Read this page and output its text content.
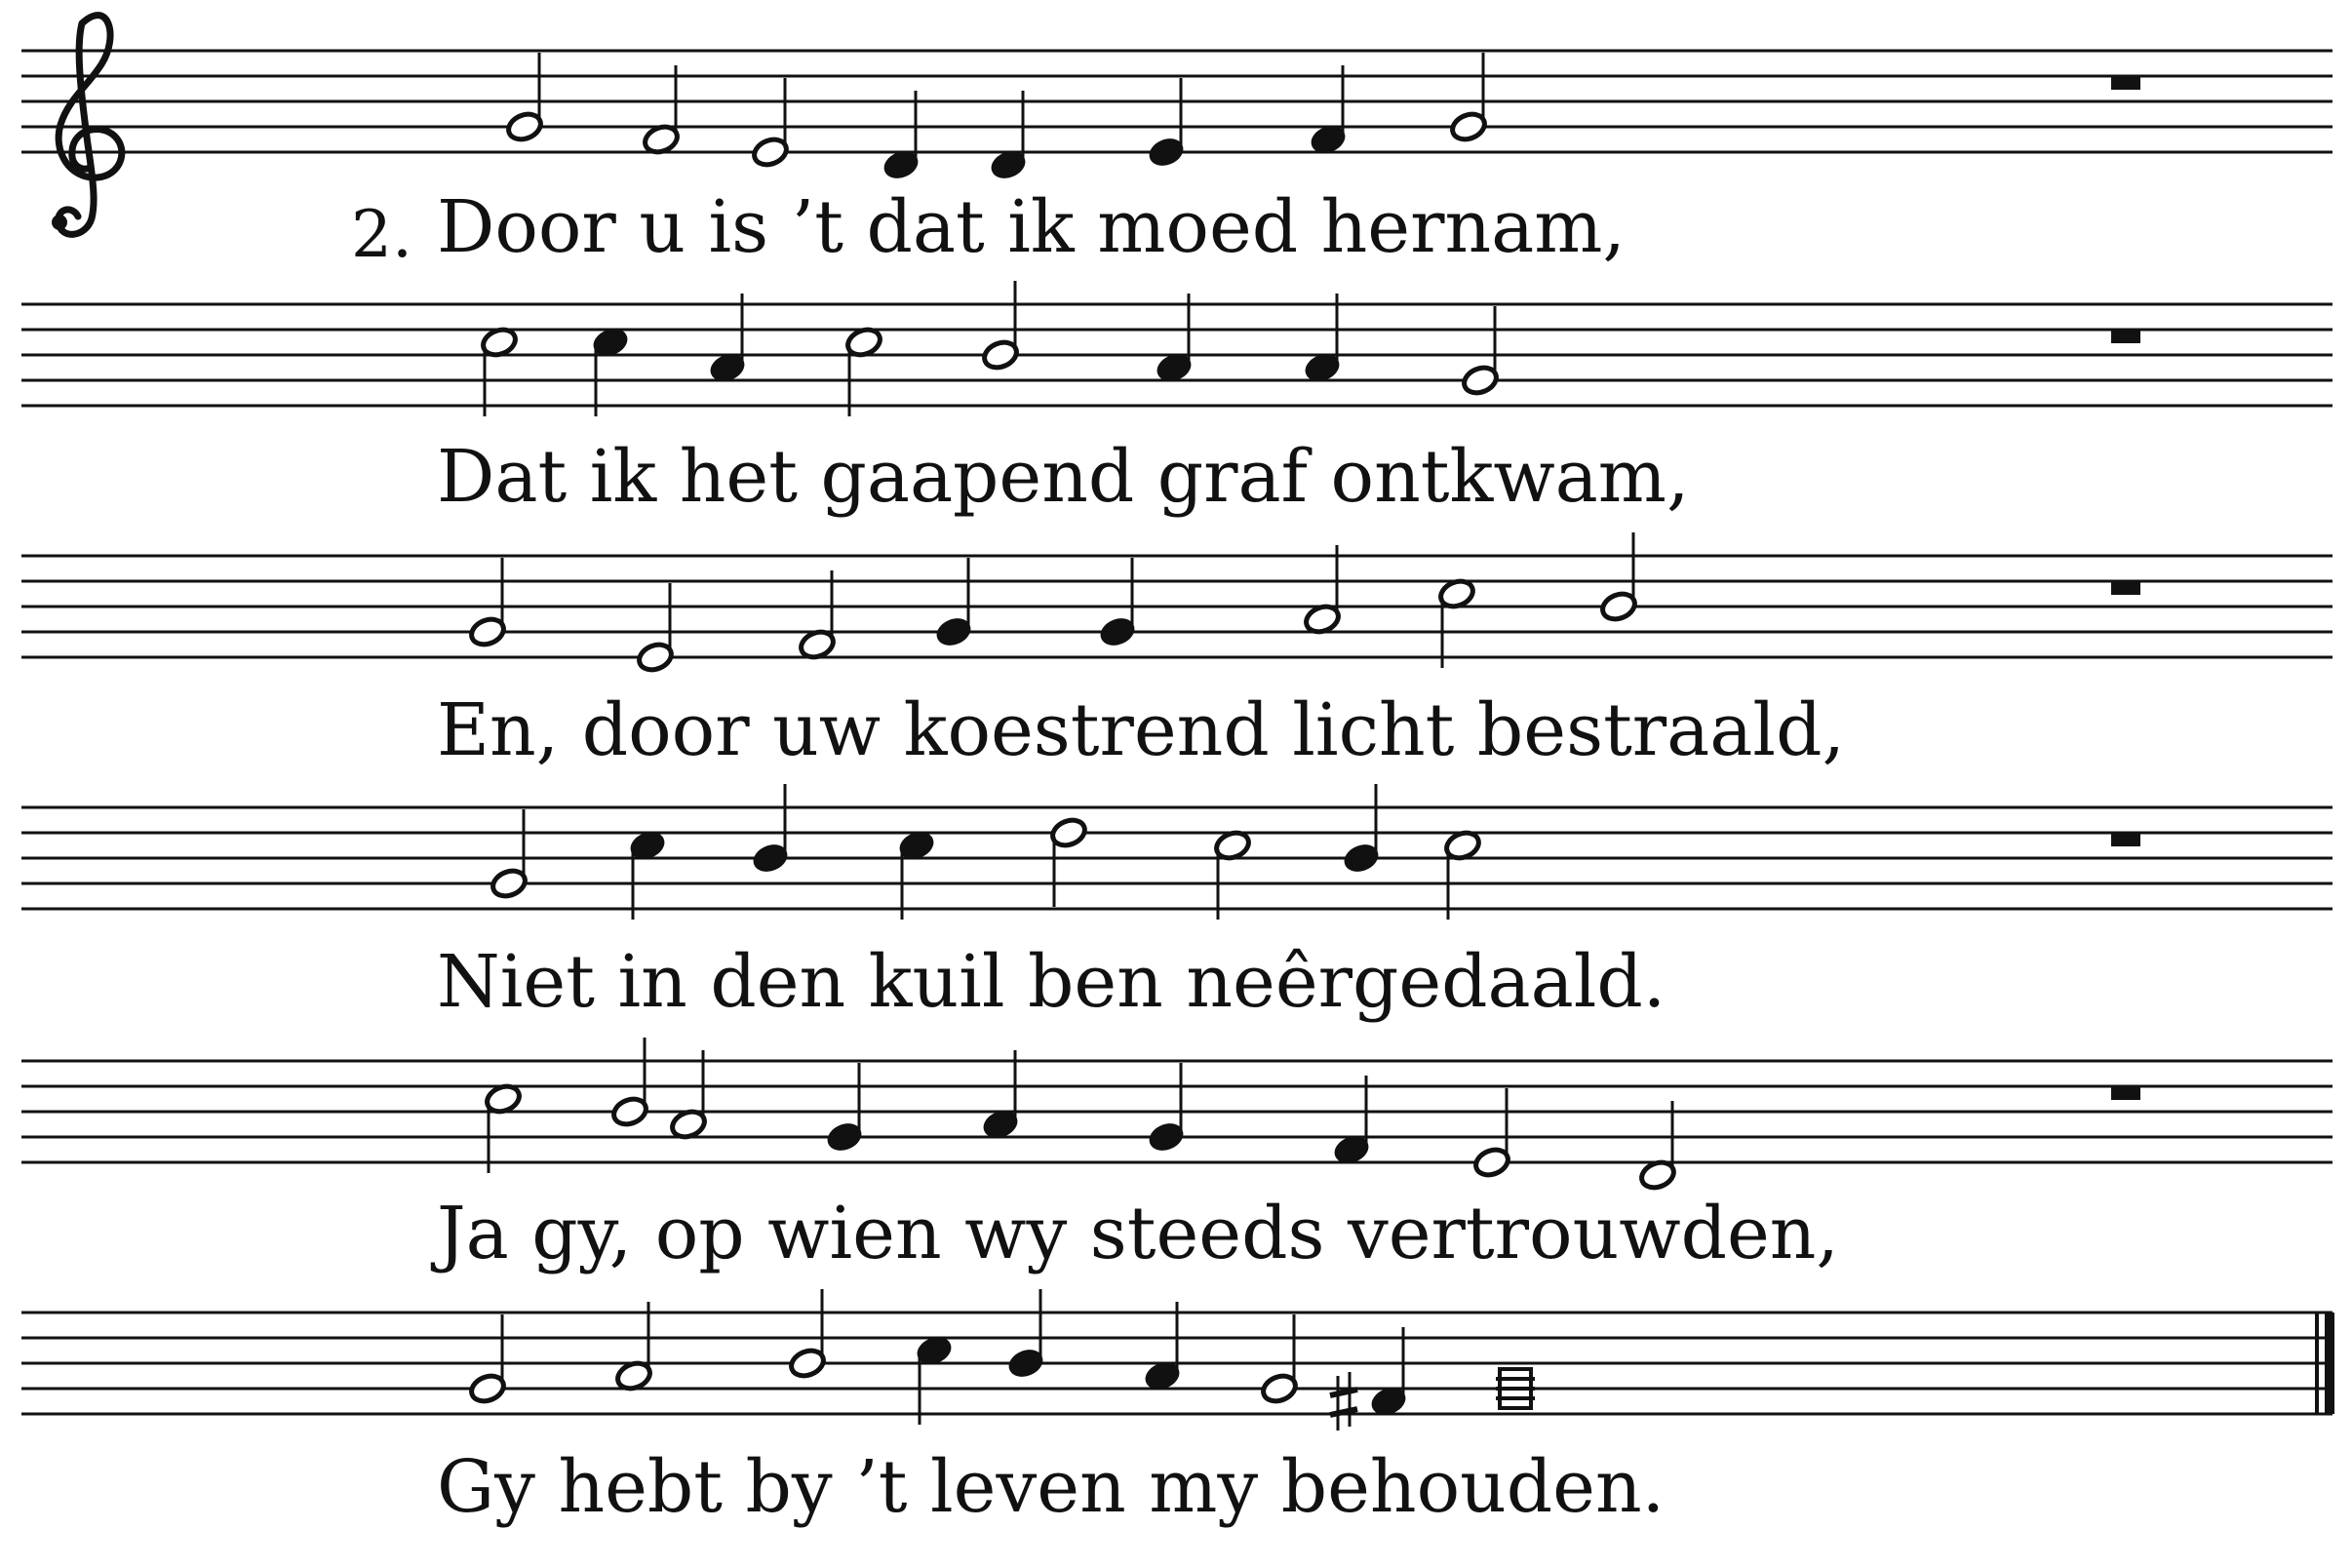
2. Door u is ’t dat ik moed hernam,
Dat ik het gaapend graf ontkwam,
En, door uw koestrend licht bestraald,
Niet in den kuil ben neêrgedaald.
Ja gy, op wien wy steeds vertrouwden,
Gy hebt by ’t leven my behouden.
